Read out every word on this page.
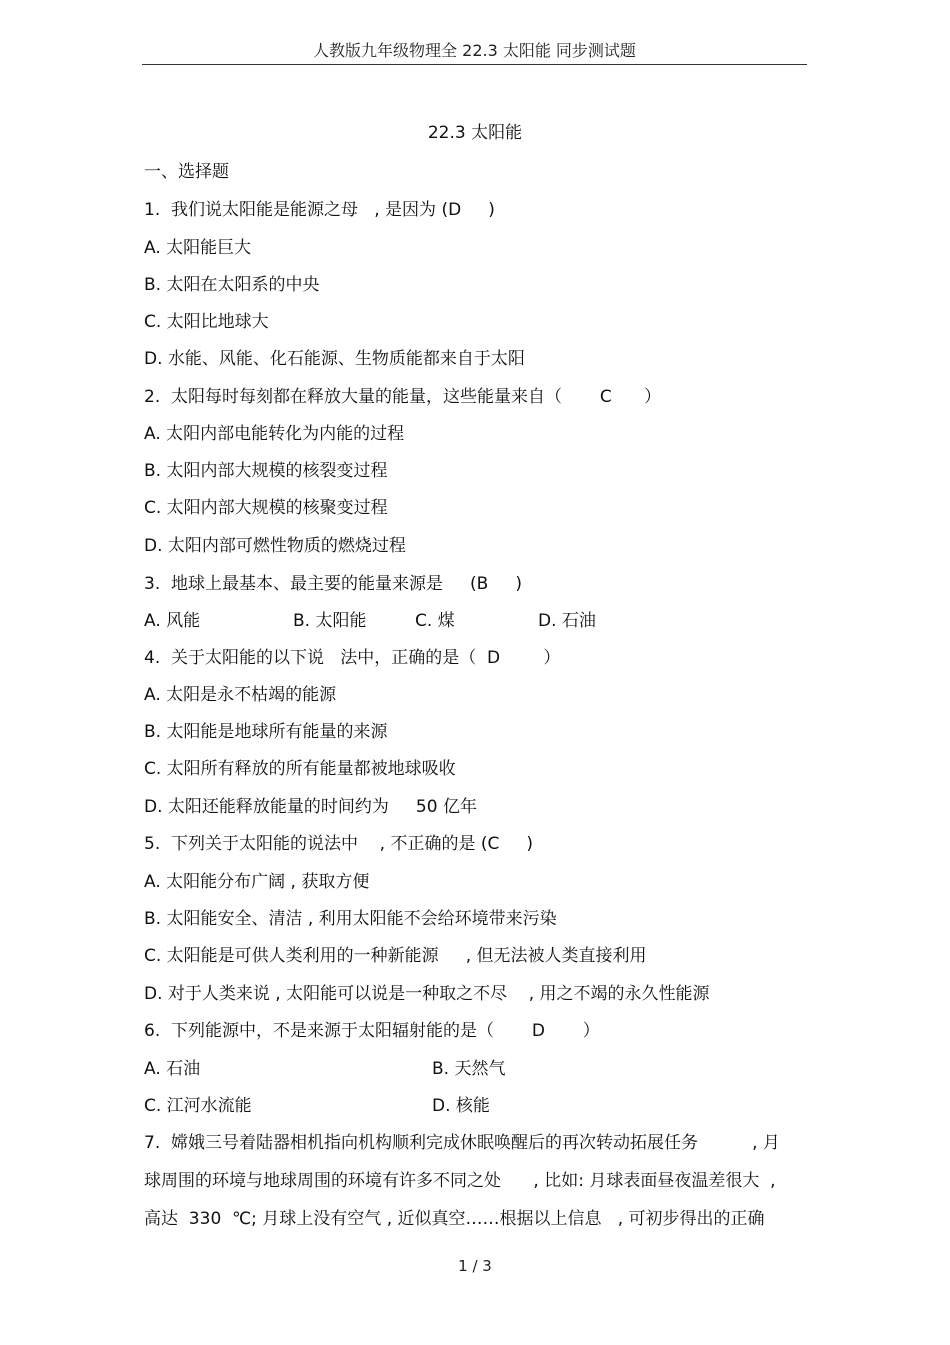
人教版九年级物理全 22.3 太阳能 同步测试题
22.3 太阳能
一、选择题
1.  我们说太阳能是能源之母   , 是因为 (D     )
A. 太阳能巨大
B. 太阳在太阳系的中央
C. 太阳比地球大
D. 水能、风能、化石能源、生物质能都来自于太阳
2.  太阳每时每刻都在释放大量的能量，这些能量来自（       C      ）
A. 太阳内部电能转化为内能的过程
B. 太阳内部大规模的核裂变过程
C. 太阳内部大规模的核聚变过程
D. 太阳内部可燃性物质的燃烧过程
3.  地球上最基本、最主要的能量来源是     (B     )
A. 风能	B. 太阳能	C. 煤	D. 石油
4.  关于太阳能的以下说   法中，正确的是（  D        ）
A. 太阳是永不枯竭的能源
B. 太阳能是地球所有能量的来源
C. 太阳所有释放的所有能量都被地球吸收
D. 太阳还能释放能量的时间约为     50 亿年
5.  下列关于太阳能的说法中    , 不正确的是 (C     )
A. 太阳能分布广阔 , 获取方便
B. 太阳能安全、清洁 , 利用太阳能不会给环境带来污染
C. 太阳能是可供人类利用的一种新能源     , 但无法被人类直接利用
D. 对于人类来说 , 太阳能可以说是一种取之不尽    , 用之不竭的永久性能源
6.  下列能源中，不是来源于太阳辐射能的是（       D       ）
A. 石油	B. 天然气
C. 江河水流能	D. 核能
7.  嫦娥三号着陆器相机指向机构顺利完成休眠唤醒后的再次转动拓展任务          , 月
球周围的环境与地球周围的环境有许多不同之处      , 比如: 月球表面昼夜温差很大  ,
高达  330  ℃; 月球上没有空气 , 近似真空……根据以上信息   , 可初步得出的正确
1 / 3
